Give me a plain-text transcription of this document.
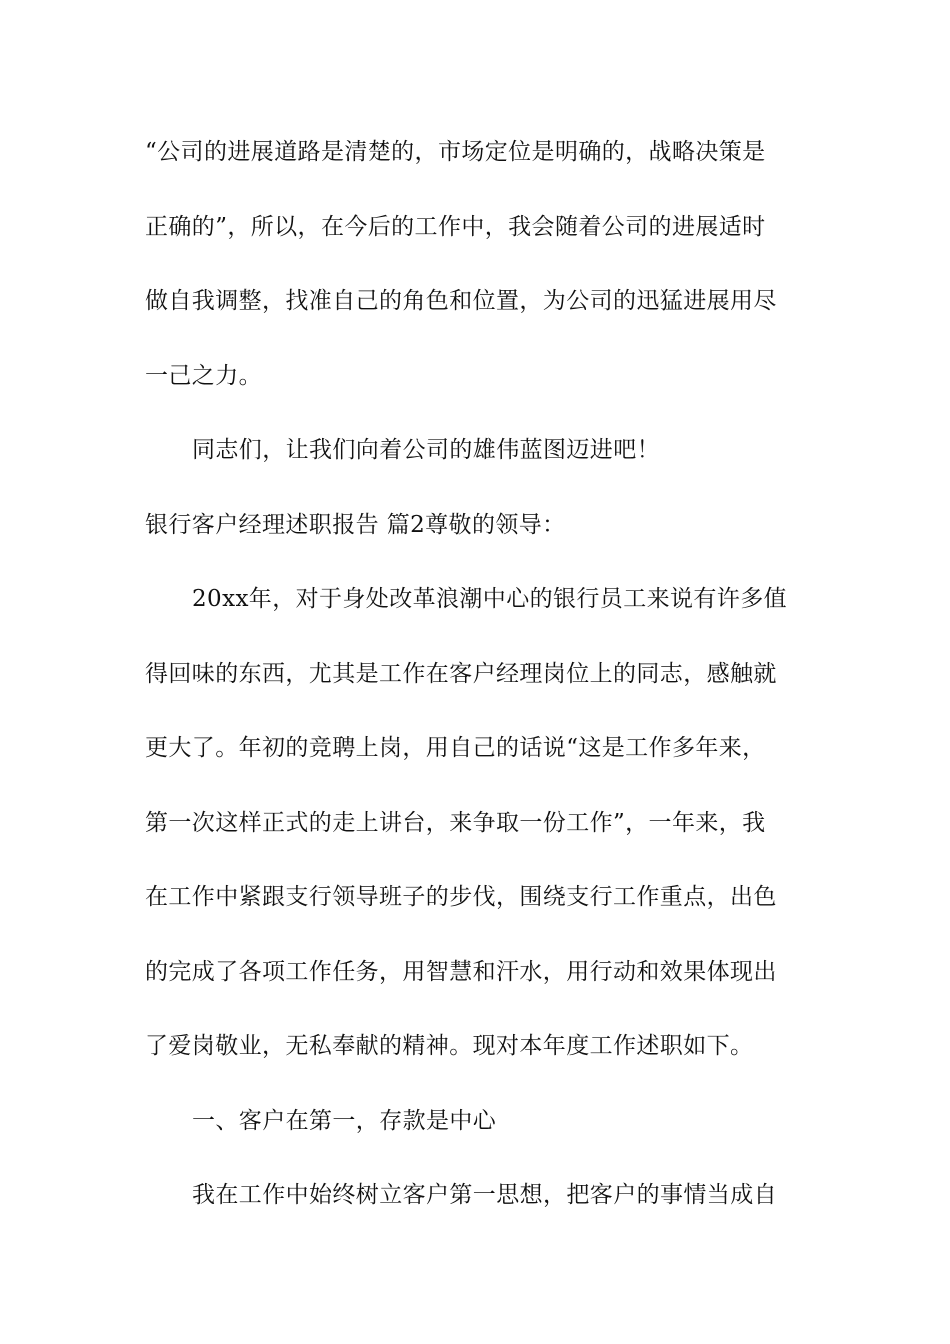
“公司的进展道路是清楚的，市场定位是明确的，战略决策是
正确的”，所以，在今后的工作中，我会随着公司的进展适时
做自我调整，找准自己的角色和位置，为公司的迅猛进展用尽
一己之力。
同志们，让我们向着公司的雄伟蓝图迈进吧！
银行客户经理述职报告 篇2尊敬的领导：
20xx年，对于身处改革浪潮中心的银行员工来说有许多值
得回味的东西，尤其是工作在客户经理岗位上的同志，感触就
更大了。年初的竞聘上岗，用自己的话说“这是工作多年来，
第一次这样正式的走上讲台，来争取一份工作”，一年来，我
在工作中紧跟支行领导班子的步伐，围绕支行工作重点，出色
的完成了各项工作任务，用智慧和汗水，用行动和效果体现出
了爱岗敬业，无私奉献的精神。现对本年度工作述职如下。
一、客户在第一，存款是中心
我在工作中始终树立客户第一思想，把客户的事情当成自
